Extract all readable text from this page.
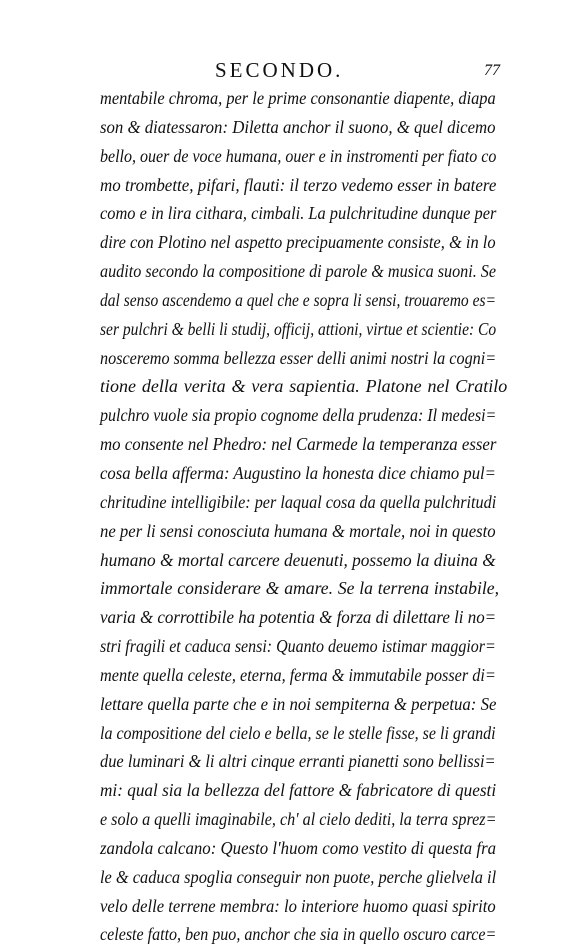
SECONDO.	77
mentabile chroma, per le prime consonantie diapente, diapa
son & diatessaron: Diletta anchor il suono, & quel dicemo
bello, ouer de voce humana, ouer e in instromenti per fiato co
mo trombette, pifari, flauti: il terzo vedemo esser in batere
como e in lira cithara, cimbali. La pulchritudine dunque per
dire con Plotino nel aspetto precipuamente consiste, & in lo
audito secondo la compositione di parole & musica suoni. Se
dal senso ascendemo a quel che e sopra li sensi, trouaremo es=
ser pulchri & belli li studij, officij, attioni, virtue et scientie: Co
nosceremo somma bellezza esser delli animi nostri la cogni=
tione della verita & vera sapientia. Platone nel Cratilo
pulchro vuole sia propio cognome della prudenza: Il medesi=
mo consente nel Phedro: nel Carmede la temperanza esser
cosa bella afferma: Augustino la honesta dice chiamo pul=
chritudine intelligibile: per laqual cosa da quella pulchritudi
ne per li sensi conosciuta humana & mortale, noi in questo
humano & mortal carcere deuenuti, possemo la diuina &
immortale considerare & amare. Se la terrena instabile,
varia & corrottibile ha potentia & forza di dilettare li no=
stri fragili et caduca sensi: Quanto deuemo istimar maggior=
mente quella celeste, eterna, ferma & immutabile posser di=
lettare quella parte che e in noi sempiterna & perpetua: Se
la compositione del cielo e bella, se le stelle fisse, se li grandi
due luminari & li altri cinque erranti pianetti sono bellissi=
mi: qual sia la bellezza del fattore & fabricatore di questi
e solo a quelli imaginabile, ch' al cielo dediti, la terra sprez=
zandola calcano: Questo l'huom como vestito di questa fra
le & caduca spoglia conseguir non puote, perche glielvela il
velo delle terrene membra: lo interiore huomo quasi spirito
celeste fatto, ben puo, anchor che sia in quello oscuro carce=
